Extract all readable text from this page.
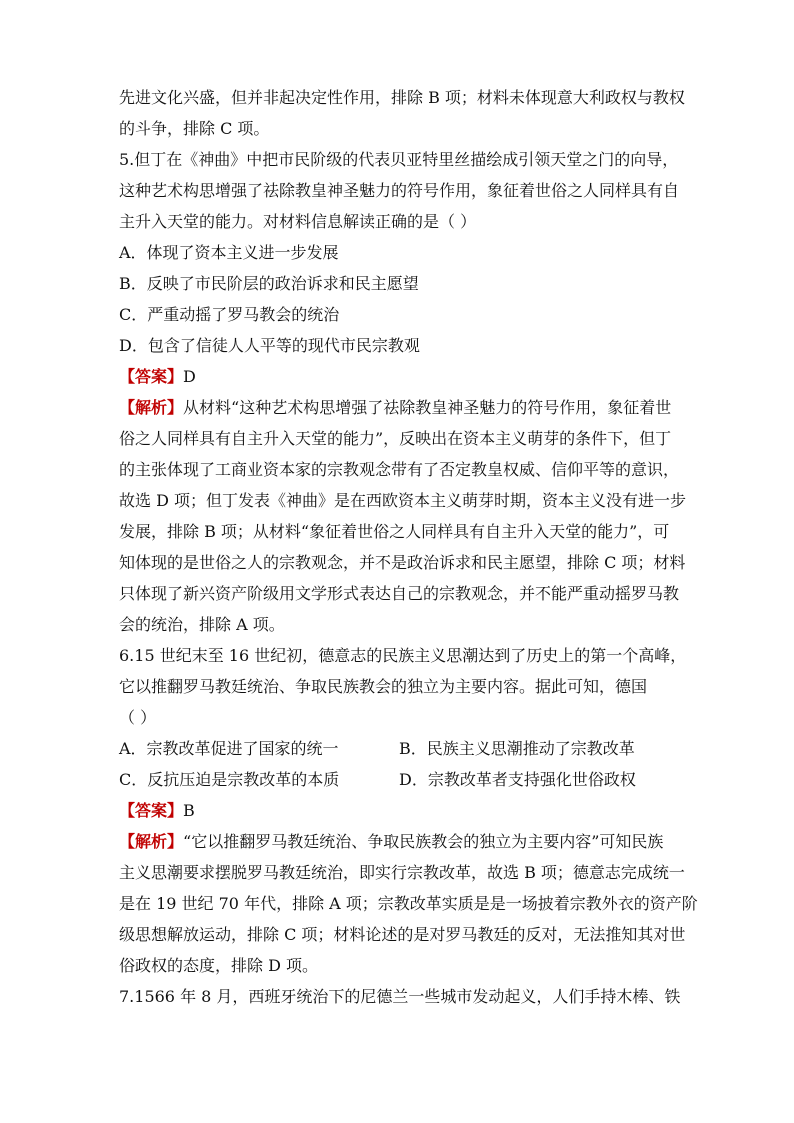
先进文化兴盛，但并非起决定性作用，排除 B 项；材料未体现意大利政权与教权
的斗争，排除 C 项。
5.但丁在《神曲》中把市民阶级的代表贝亚特里丝描绘成引领天堂之门的向导，
这种艺术构思增强了祛除教皇神圣魅力的符号作用，象征着世俗之人同样具有自
主升入天堂的能力。对材料信息解读正确的是（ ）
A．体现了资本主义进一步发展
B．反映了市民阶层的政治诉求和民主愿望
C．严重动摇了罗马教会的统治
D．包含了信徒人人平等的现代市民宗教观
【答案】D
【解析】从材料“这种艺术构思增强了祛除教皇神圣魅力的符号作用，象征着世
俗之人同样具有自主升入天堂的能力”，反映出在资本主义萌芽的条件下，但丁
的主张体现了工商业资本家的宗教观念带有了否定教皇权威、信仰平等的意识，
故选 D 项；但丁发表《神曲》是在西欧资本主义萌芽时期，资本主义没有进一步
发展，排除 B 项；从材料“象征着世俗之人同样具有自主升入天堂的能力”，可
知体现的是世俗之人的宗教观念，并不是政治诉求和民主愿望，排除 C 项；材料
只体现了新兴资产阶级用文学形式表达自己的宗教观念，并不能严重动摇罗马教
会的统治，排除 A 项。
6.15 世纪末至 16 世纪初，德意志的民族主义思潮达到了历史上的第一个高峰，
它以推翻罗马教廷统治、争取民族教会的独立为主要内容。据此可知，德国
（ ）
A．宗教改革促进了国家的统一	B．民族主义思潮推动了宗教改革
C．反抗压迫是宗教改革的本质	D．宗教改革者支持强化世俗政权
【答案】B
【解析】“它以推翻罗马教廷统治、争取民族教会的独立为主要内容”可知民族
主义思潮要求摆脱罗马教廷统治，即实行宗教改革，故选 B 项；德意志完成统一
是在 19 世纪 70 年代，排除 A 项；宗教改革实质是是一场披着宗教外衣的资产阶
级思想解放运动，排除 C 项；材料论述的是对罗马教廷的反对，无法推知其对世
俗政权的态度，排除 D 项。
7.1566 年 8 月，西班牙统治下的尼德兰一些城市发动起义，人们手持木棒、铁
